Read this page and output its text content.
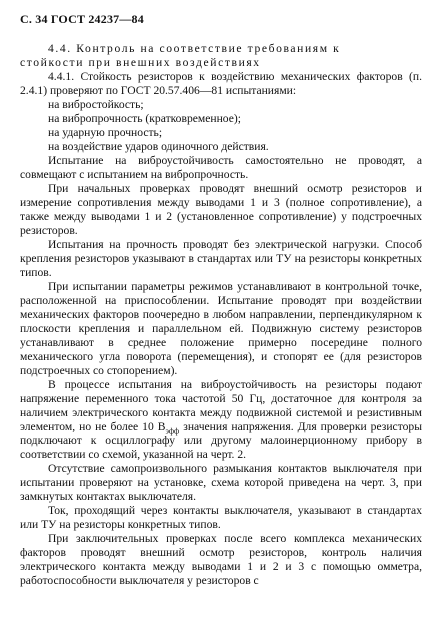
С. 34 ГОСТ 24237—84

4.4. Контроль на соответствие требованиям к

стойкости при внешних воздействиях

4.4.1. Стойкость резисторов к воздействию механических факторов (п. 2.4.1) проверяют по ГОСТ 20.57.406—81 испытаниями:

на вибростойкость;

на вибропрочность (кратковременное);

на ударную прочность;

на воздействие ударов одиночного действия.

Испытание на виброустойчивость самостоятельно не проводят, а совмещают с испытанием на вибропрочность.

При начальных проверках проводят внешний осмотр резисторов и измерение сопротивления между выводами 1 и 3 (полное сопротивление), а также между выводами 1 и 2 (установленное сопротивление) у подстроечных резисторов.

Испытания на прочность проводят без электрической нагрузки. Способ крепления резисторов указывают в стандартах или ТУ на резисторы конкретных типов.

При испытании параметры режимов устанавливают в контрольной точке, расположенной на приспособлении. Испытание проводят при воздействии механических факторов поочередно в любом направлении, перпендикулярном к плоскости крепления и параллельном ей. Подвижную систему резисторов устанавливают в среднее положение примерно посередине полного механического угла поворота (перемещения), и стопорят ее (для резисторов подстроечных со стопорением).

В процессе испытания на виброустойчивость на резисторы подают напряжение переменного тока частотой 50 Гц, достаточное для контроля за наличием электрического контакта между подвижной системой и резистивным элементом, но не более 10 $В_{эфф}$ значения напряжения. Для проверки резисторы подключают к осциллографу или другому малоинерционному прибору в соответствии со схемой, указанной на черт. 2.

Отсутствие самопроизвольного размыкания контактов выключателя при испытании проверяют на установке, схема которой приведена на черт. 3, при замкнутых контактах выключателя.

Ток, проходящий через контакты выключателя, указывают в стандартах или ТУ на резисторы конкретных типов.

При заключительных проверках после всего комплекса механических факторов проводят внешний осмотр резисторов, контроль наличия электрического контакта между выводами 1 и 2 и 3 с помощью омметра, работоспособности выключателя у резисторов с
